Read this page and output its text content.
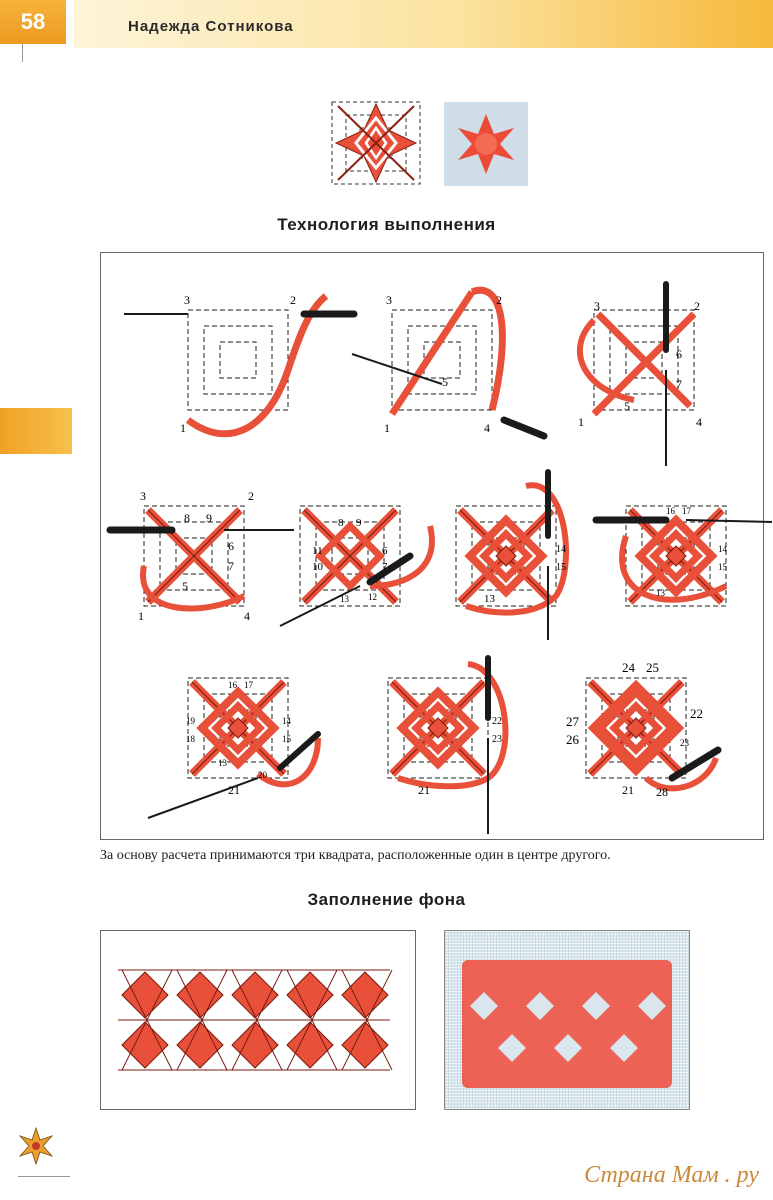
58	Надежда Сотникова
Технология выполнения
3	2
1
3	2
5
1	4
3	2
6
7
5
1	4
3	2
8 9
6
7
5
1	4
8 9
11	6
10	7
12
13
14
15
13
16 17
14
15
13
16 17
19
18
14
15
13
20
21
22
23
21
24 25
27
22
26	23
21 28
За основу расчета принимаются три квадрата, расположенные один в центре другого.
Заполнение фона
Страна Мам . ру
